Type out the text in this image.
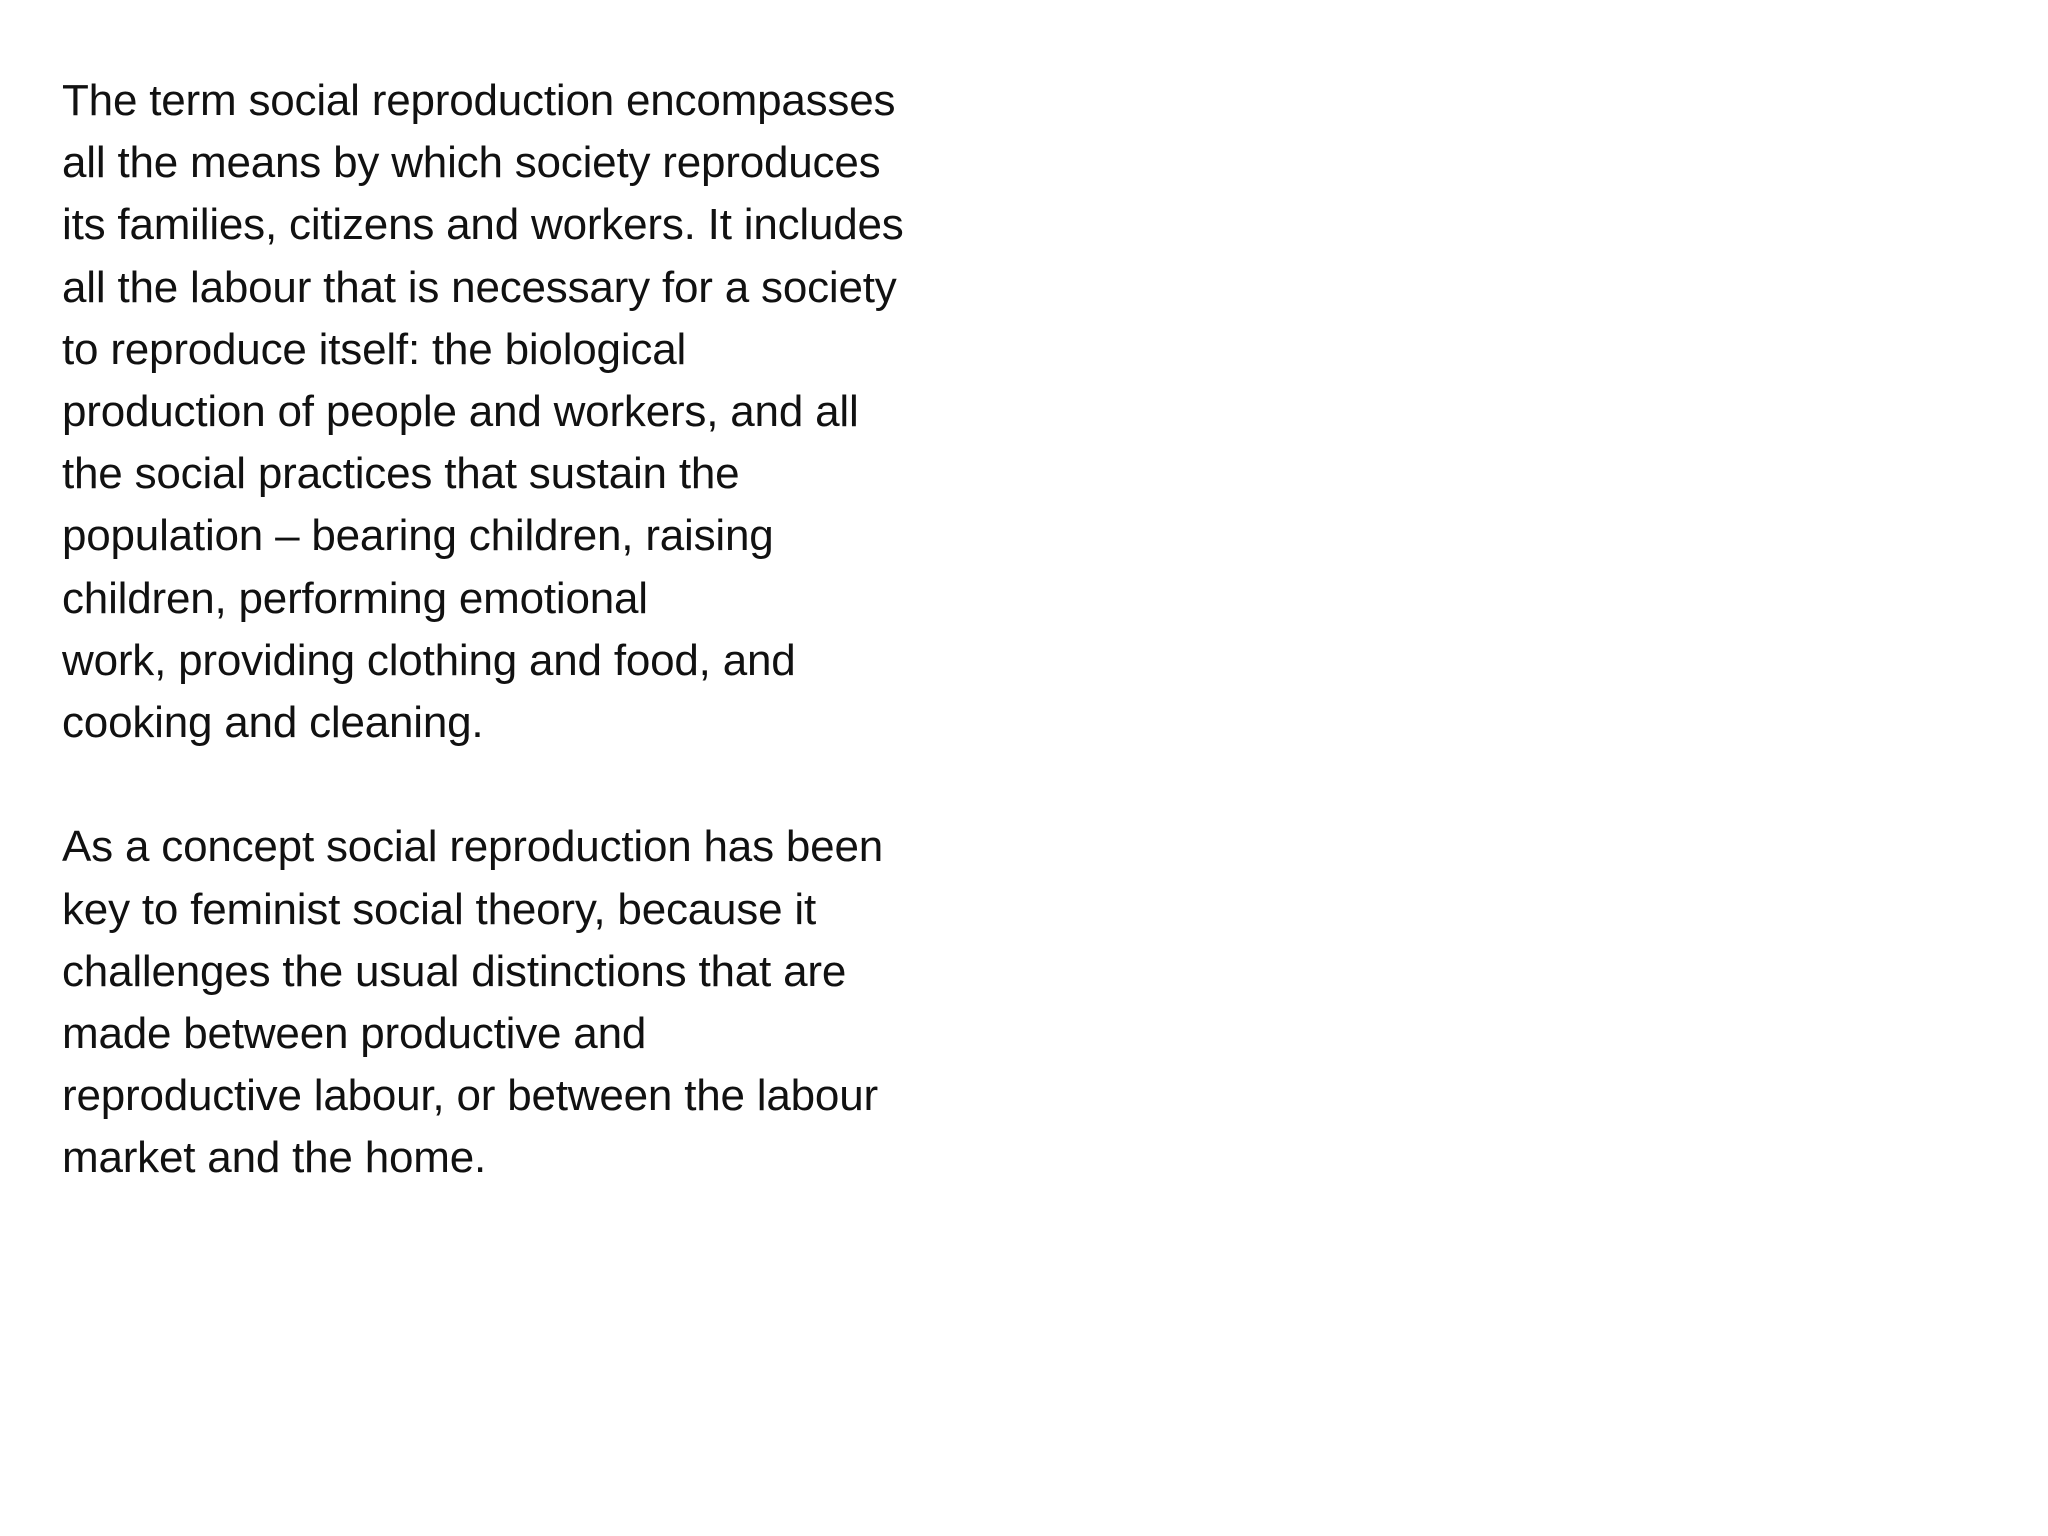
The term social reproduction encompasses
all the means by which society reproduces
its families, citizens and workers. It includes
all the labour that is necessary for a society
to reproduce itself: the biological
production of people and workers, and all
the social practices that sustain the
population – bearing children, raising
children, performing emotional
work, providing clothing and food, and
cooking and cleaning.

As a concept social reproduction has been
key to feminist social theory, because it
challenges the usual distinctions that are
made between productive and
reproductive labour, or between the labour
market and the home.
